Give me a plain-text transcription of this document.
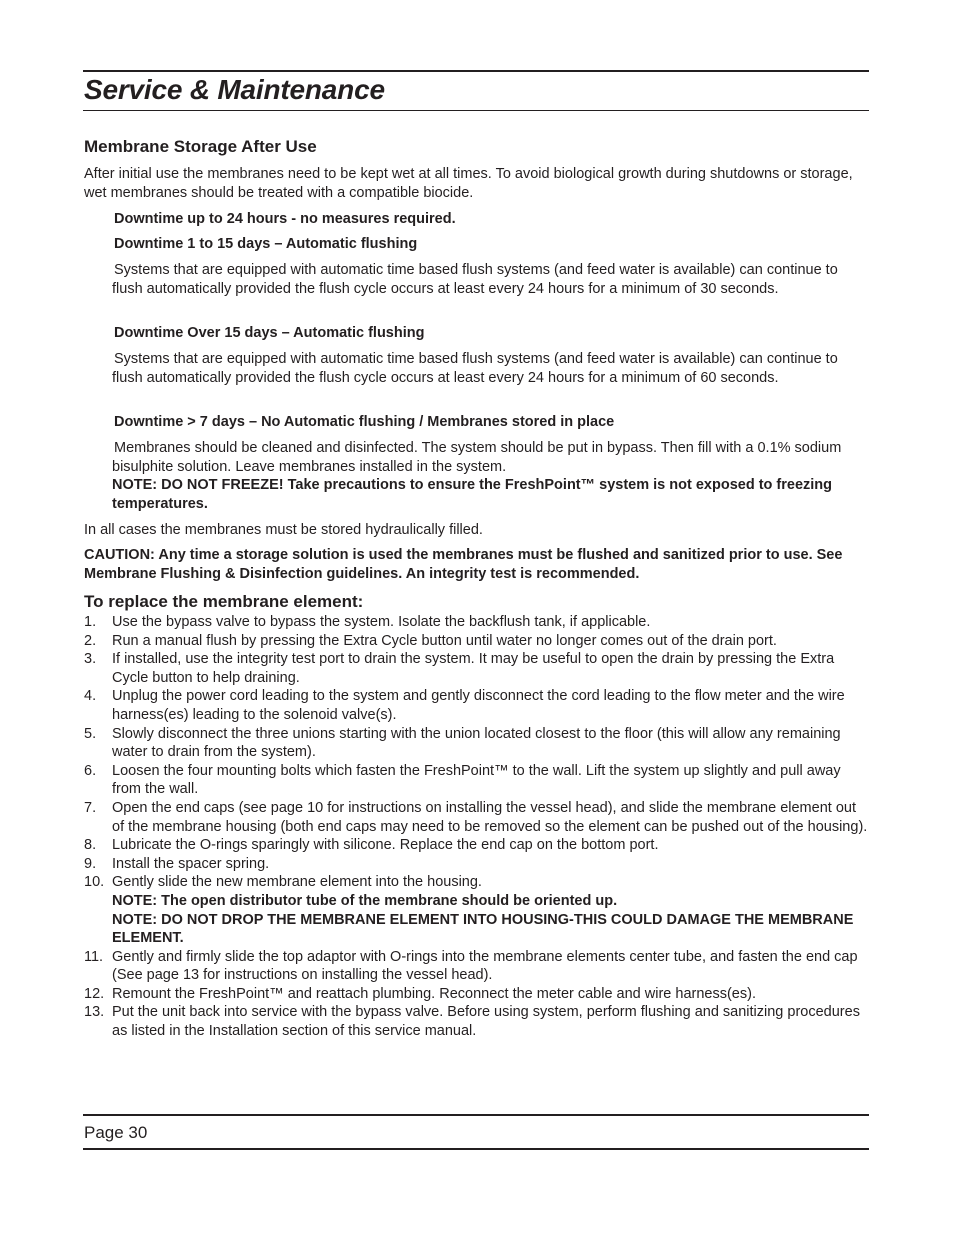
Service & Maintenance

Membrane Storage After Use

After initial use the membranes need to be kept wet at all times. To avoid biological growth during shutdowns or storage, wet membranes should be treated with a compatible biocide.

Downtime up to 24 hours - no measures required.

Downtime 1 to 15 days – Automatic flushing

Systems that are equipped with automatic time based flush systems (and feed water is available) can continue to flush automatically provided the flush cycle occurs at least every 24 hours for a minimum of 30 seconds.

Downtime Over 15 days – Automatic flushing

Systems that are equipped with automatic time based flush systems (and feed water is available) can continue to flush automatically provided the flush cycle occurs at least every 24 hours for a minimum of 60 seconds.

Downtime > 7 days – No Automatic flushing / Membranes stored in place

Membranes should be cleaned and disinfected. The system should be put in bypass. Then fill with a 0.1% sodium bisulphite solution. Leave membranes installed in the system.

NOTE: DO NOT FREEZE! Take precautions to ensure the FreshPoint™ system is not exposed to freezing temperatures.

In all cases the membranes must be stored hydraulically filled.

CAUTION: Any time a storage solution is used the membranes must be flushed and sanitized prior to use. See Membrane Flushing & Disinfection guidelines. An integrity test is recommended.

To replace the membrane element:

1. Use the bypass valve to bypass the system. Isolate the backflush tank, if applicable.
2. Run a manual flush by pressing the Extra Cycle button until water no longer comes out of the drain port.
3. If installed, use the integrity test port to drain the system. It may be useful to open the drain by pressing the Extra Cycle button to help draining.
4. Unplug the power cord leading to the system and gently disconnect the cord leading to the flow meter and the wire harness(es) leading to the solenoid valve(s).
5. Slowly disconnect the three unions starting with the union located closest to the floor (this will allow any remaining water to drain from the system).
6. Loosen the four mounting bolts which fasten the FreshPoint™ to the wall. Lift the system up slightly and pull away from the wall.
7. Open the end caps (see page 10 for instructions on installing the vessel head), and slide the membrane element out of the membrane housing (both end caps may need to be removed so the element can be pushed out of the housing).
8. Lubricate the O-rings sparingly with silicone. Replace the end cap on the bottom port.
9. Install the spacer spring.
10. Gently slide the new membrane element into the housing.
NOTE: The open distributor tube of the membrane should be oriented up.
NOTE: DO NOT DROP THE MEMBRANE ELEMENT INTO HOUSING-THIS COULD DAMAGE THE MEMBRANE ELEMENT.
11. Gently and firmly slide the top adaptor with O-rings into the membrane elements center tube, and fasten the end cap (See page 13 for instructions on installing the vessel head).
12. Remount the FreshPoint™ and reattach plumbing. Reconnect the meter cable and wire harness(es).
13. Put the unit back into service with the bypass valve. Before using system, perform flushing and sanitizing procedures as listed in the Installation section of this service manual.
Page 30
